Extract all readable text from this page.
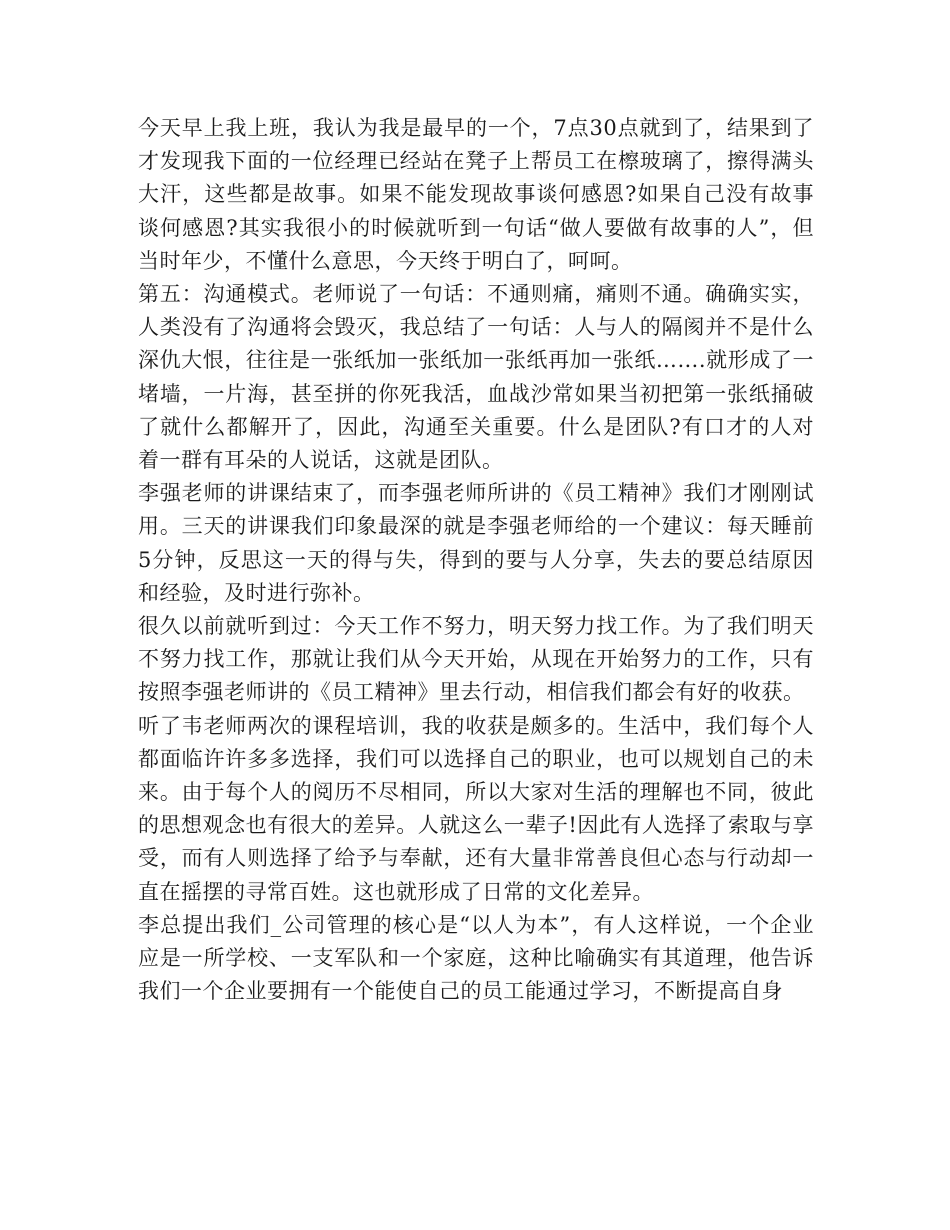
今天早上我上班，我认为我是最早的一个，7点30点就到了，结果到了才发现我下面的一位经理已经站在凳子上帮员工在檫玻璃了，擦得满头大汗，这些都是故事。如果不能发现故事谈何感恩?如果自己没有故事谈何感恩?其实我很小的时候就听到一句话“做人要做有故事的人”，但当时年少，不懂什么意思，今天终于明白了，呵呵。

第五：沟通模式。老师说了一句话：不通则痛，痛则不通。确确实实，人类没有了沟通将会毁灭，我总结了一句话：人与人的隔阂并不是什么深仇大恨，往往是一张纸加一张纸加一张纸再加一张纸…….就形成了一堵墙，一片海，甚至拼的你死我活，血战沙常如果当初把第一张纸捅破了就什么都解开了，因此，沟通至关重要。什么是团队?有口才的人对着一群有耳朵的人说话，这就是团队。

李强老师的讲课结束了，而李强老师所讲的《员工精神》我们才刚刚试用。三天的讲课我们印象最深的就是李强老师给的一个建议：每天睡前5分钟，反思这一天的得与失，得到的要与人分享，失去的要总结原因和经验，及时进行弥补。

很久以前就听到过：今天工作不努力，明天努力找工作。为了我们明天不努力找工作，那就让我们从今天开始，从现在开始努力的工作，只有按照李强老师讲的《员工精神》里去行动，相信我们都会有好的收获。

听了韦老师两次的课程培训，我的收获是颇多的。生活中，我们每个人都面临许许多多选择，我们可以选择自己的职业，也可以规划自己的未来。由于每个人的阅历不尽相同，所以大家对生活的理解也不同，彼此的思想观念也有很大的差异。人就这么一辈子!因此有人选择了索取与享受，而有人则选择了给予与奉献，还有大量非常善良但心态与行动却一直在摇摆的寻常百姓。这也就形成了日常的文化差异。

李总提出我们_公司管理的核心是“以人为本”，有人这样说，一个企业应是一所学校、一支军队和一个家庭，这种比喻确实有其道理，他告诉我们一个企业要拥有一个能使自己的员工能通过学习，不断提高自身
